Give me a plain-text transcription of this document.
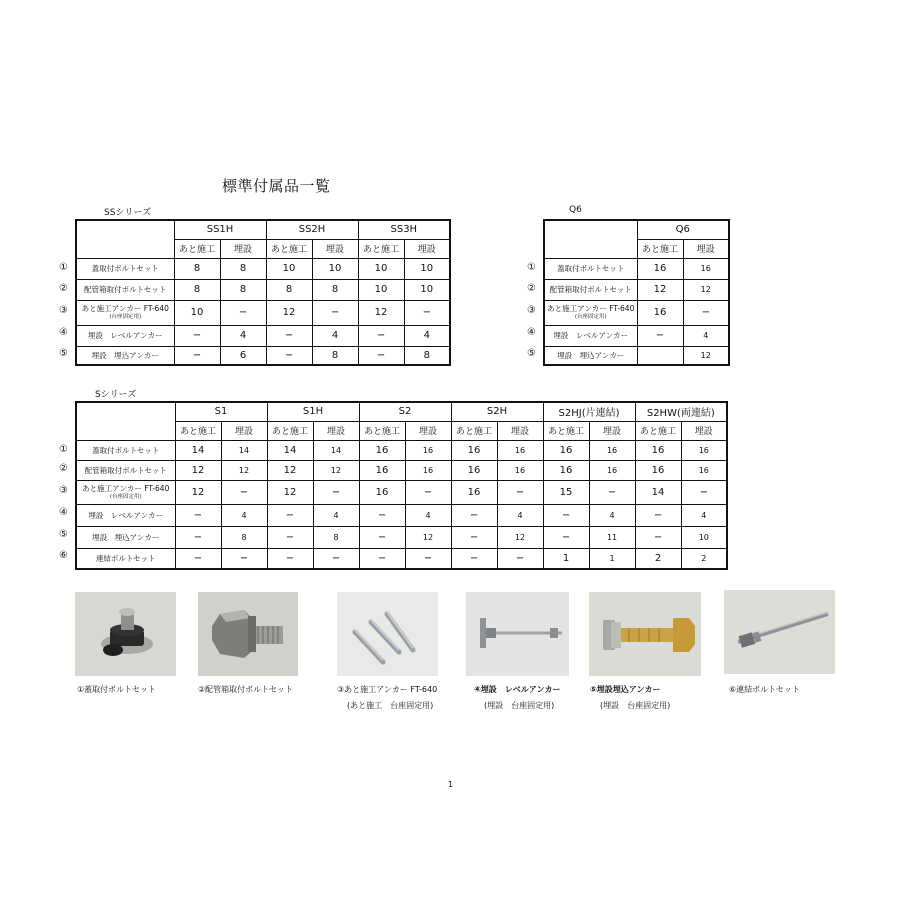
標準付属品一覧
SSシリーズ
	SS1H		SS2H		SS3H	
	あと施工	埋設	あと施工	埋設	あと施工	埋設
蓋取付ボルトセット	8	8	10	10	10	10
配管箱取付ボルトセット	8	8	8	8	10	10

あと施工アンカー FT-640
(台座固定用)	10	−	12	−	12	−
埋設　レベルアンカー	−	4	−	4	−	4
埋設　埋込アンカー	−	6	−	8	−	8
①
②
③
④
⑤
Q6
	Q6	
	あと施工	埋設
蓋取付ボルトセット	16	16
配管箱取付ボルトセット	12	12

あと施工アンカー FT-640
(台座固定用)	16	−
埋設　レベルアンカー	−	4
埋設　埋込アンカー		12
①
②
③
④
⑤
Sシリーズ
	S1		S1H		S2		S2H		S2HJ(片連結)		S2HW(両連結)	
	あと施工	埋設	あと施工	埋設	あと施工	埋設	あと施工	埋設	あと施工	埋設	あと施工	埋設
蓋取付ボルトセット	14	14	14	14	16	16	16	16	16	16	16	16
配管箱取付ボルトセット	12	12	12	12	16	16	16	16	16	16	16	16

あと施工アンカー FT-640
(台座固定用)	12	−	12	−	16	−	16	−	15	−	14	−
埋設　レベルアンカー	−	4	−	4	−	4	−	4	−	4	−	4
埋設　埋込アンカー	−	8	−	8	−	12	−	12	−	11	−	10
連結ボルトセット	−	−	−	−	−	−	−	−	1	1	2	2
①
②
③
④
⑤
⑥
①蓋取付ボルトセット	②配管箱取付ボルトセット	③あと施工アンカー FT-640
(あと施工　台座固定用)
④埋設　レベルアンカー
(埋設　台座固定用)
⑤埋設埋込アンカー
(埋設　台座固定用)
⑥連結ボルトセット
1
